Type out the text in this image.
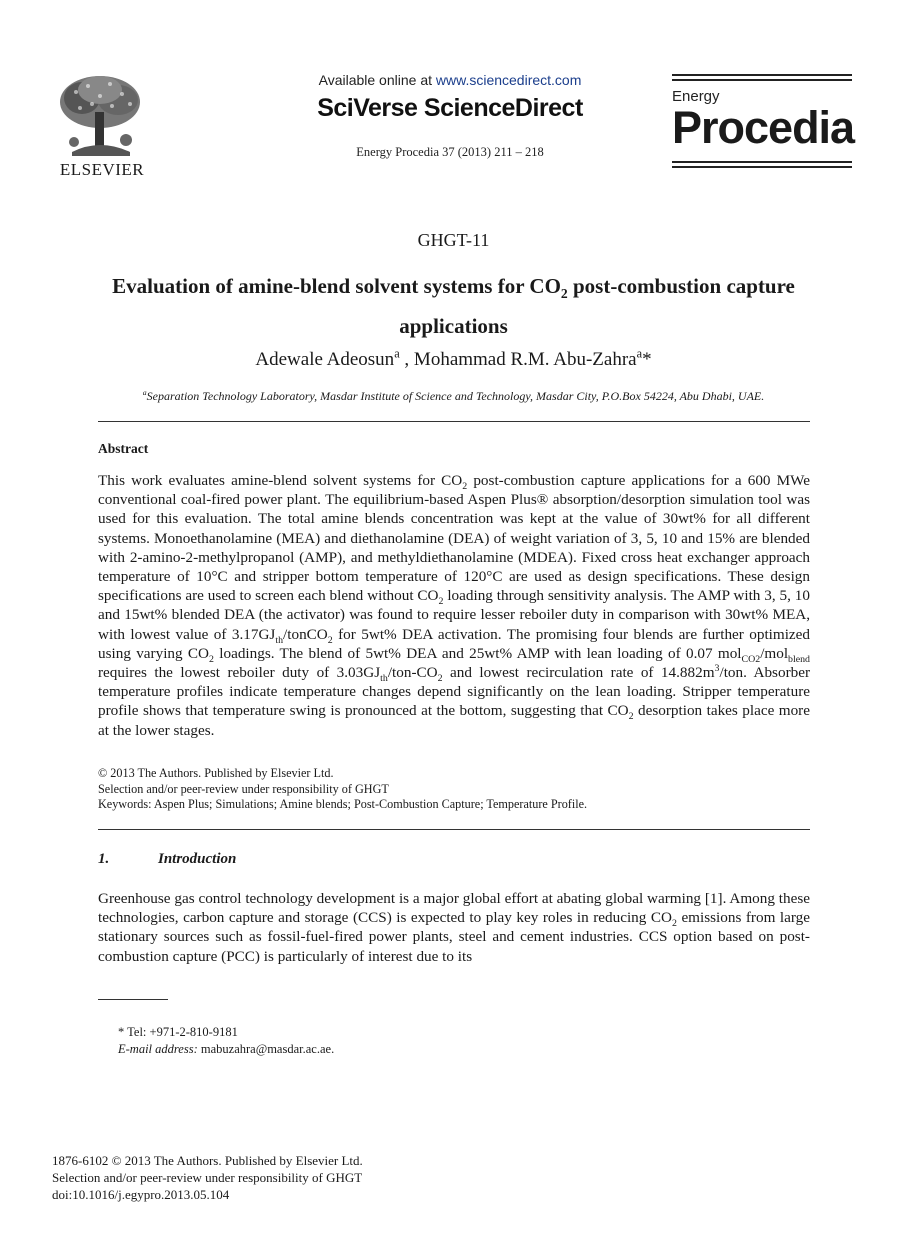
ELSEVIER
Available online at www.sciencedirect.com
SciVerse ScienceDirect
Energy Procedia 37 (2013) 211 – 218
Energy
Procedia
GHGT-11
Evaluation of amine-blend solvent systems for $CO_2$ post-combustion capture applications
Adewale Adeosun$^a$ , Mohammad R.M. Abu-Zahra$^a$*
$^a$Separation Technology Laboratory, Masdar Institute of Science and Technology, Masdar City, P.O.Box 54224, Abu Dhabi, UAE.
Abstract
This work evaluates amine-blend solvent systems for $CO_2$ post-combustion capture applications for a 600 MWe conventional coal-fired power plant. The equilibrium-based Aspen Plus® absorption/desorption simulation tool was used for this evaluation. The total amine blends concentration was kept at the value of 30wt% for all different systems. Monoethanolamine (MEA) and diethanolamine (DEA) of weight variation of 3, 5, 10 and 15% are blended with 2-amino-2-methylpropanol (AMP), and methyldiethanolamine (MDEA). Fixed cross heat exchanger approach temperature of 10°C and stripper bottom temperature of 120°C are used as design specifications. These design specifications are used to screen each blend without $CO_2$ loading through sensitivity analysis. The AMP with 3, 5, 10 and 15wt% blended DEA (the activator) was found to require lesser reboiler duty in comparison with 30wt% MEA, with lowest value of $3.17GJ_{th}/tonCO_2$ for 5wt% DEA activation. The promising four blends are further optimized using varying $CO_2$ loadings. The blend of 5wt% DEA and 25wt% AMP with lean loading of 0.07 mol$_{CO2}$/mol$_{blend}$ requires the lowest reboiler duty of $3.03GJ_{th}/ton-CO_2$ and lowest recirculation rate of $14.882m^3$/ton. Absorber temperature profiles indicate temperature changes depend significantly on the lean loading. Stripper temperature profile shows that temperature swing is pronounced at the bottom, suggesting that $CO_2$ desorption takes place more at the lower stages.
© 2013 The Authors. Published by Elsevier Ltd.
Selection and/or peer-review under responsibility of GHGT
Keywords: Aspen Plus; Simulations; Amine blends; Post-Combustion Capture; Temperature Profile.
1.	Introduction
Greenhouse gas control technology development is a major global effort at abating global warming [1]. Among these technologies, carbon capture and storage (CCS) is expected to play key roles in reducing $CO_2$ emissions from large stationary sources such as fossil-fuel-fired power plants, steel and cement industries. CCS option based on post-combustion capture (PCC) is particularly of interest due to its
* Tel: +971-2-810-9181
E-mail address: mabuzahra@masdar.ac.ae.
1876-6102 © 2013 The Authors. Published by Elsevier Ltd.
Selection and/or peer-review under responsibility of GHGT
doi:10.1016/j.egypro.2013.05.104
